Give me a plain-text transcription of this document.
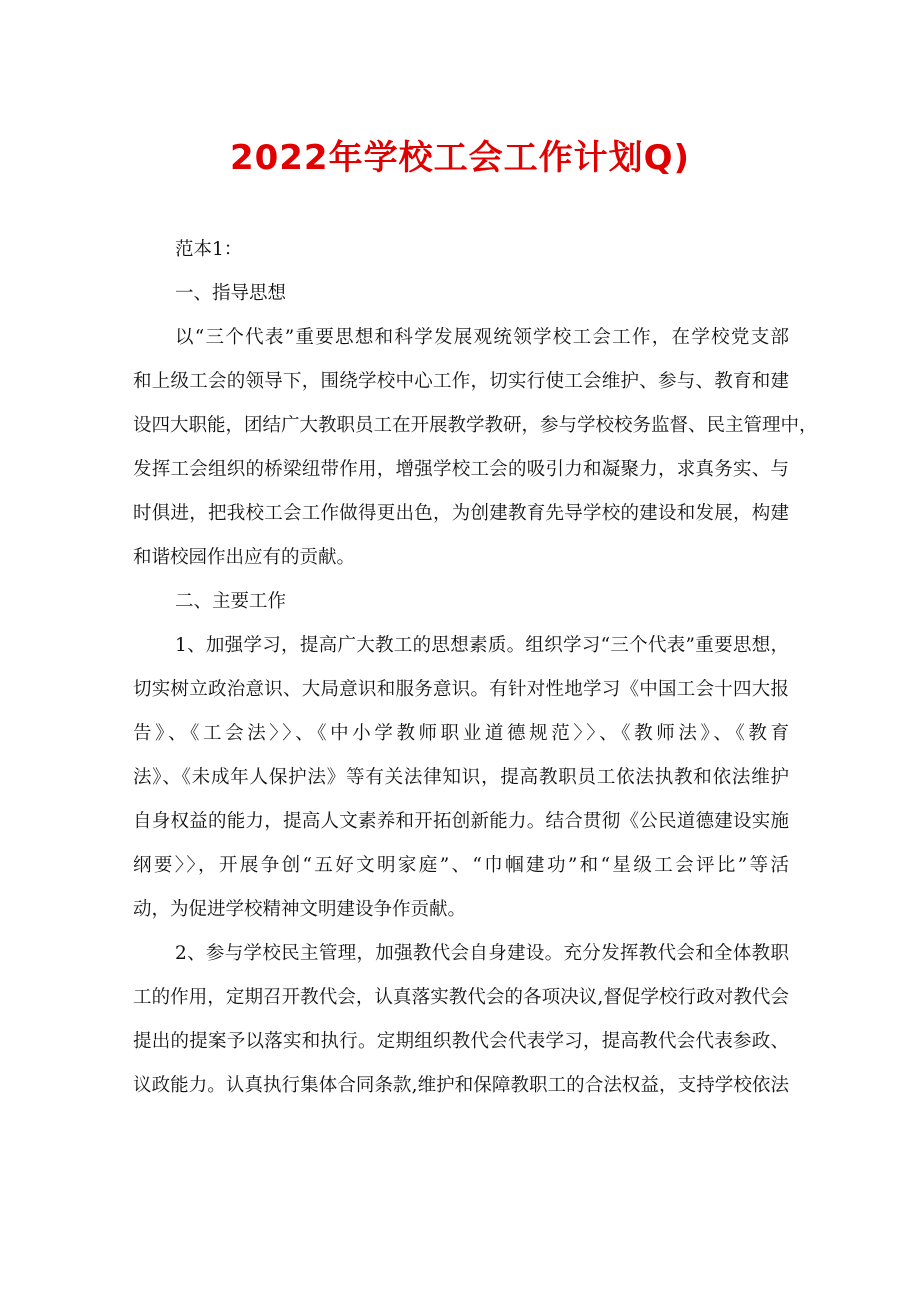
2022年学校工会工作计划Q)

范本1：

一、指导思想

以“三个代表”重要思想和科学发展观统领学校工会工作，在学校党支部

和上级工会的领导下，围绕学校中心工作，切实行使工会维护、参与、教育和建

设四大职能，团结广大教职员工在开展教学教研，参与学校校务监督、民主管理中，

发挥工会组织的桥梁纽带作用，增强学校工会的吸引力和凝聚力，求真务实、与

时俱进，把我校工会工作做得更出色，为创建教育先导学校的建设和发展，构建

和谐校园作出应有的贡献。

二、主要工作

1、加强学习，提高广大教工的思想素质。组织学习“三个代表”重要思想，

切实树立政治意识、大局意识和服务意识。有针对性地学习《中国工会十四大报

告》、《工会法〉〉、《中小学教师职业道德规范〉〉、《教师法》、《教育

法》、《未成年人保护法》等有关法律知识，提高教职员工依法执教和依法维护

自身权益的能力，提高人文素养和开拓创新能力。结合贯彻《公民道德建设实施

纲要〉〉，开展争创“五好文明家庭”、“巾帼建功”和“星级工会评比”等活

动，为促进学校精神文明建设争作贡献。

2、参与学校民主管理，加强教代会自身建设。充分发挥教代会和全体教职

工的作用，定期召开教代会，认真落实教代会的各项决议,督促学校行政对教代会

提出的提案予以落实和执行。定期组织教代会代表学习，提高教代会代表参政、

议政能力。认真执行集体合同条款,维护和保障教职工的合法权益，支持学校依法
